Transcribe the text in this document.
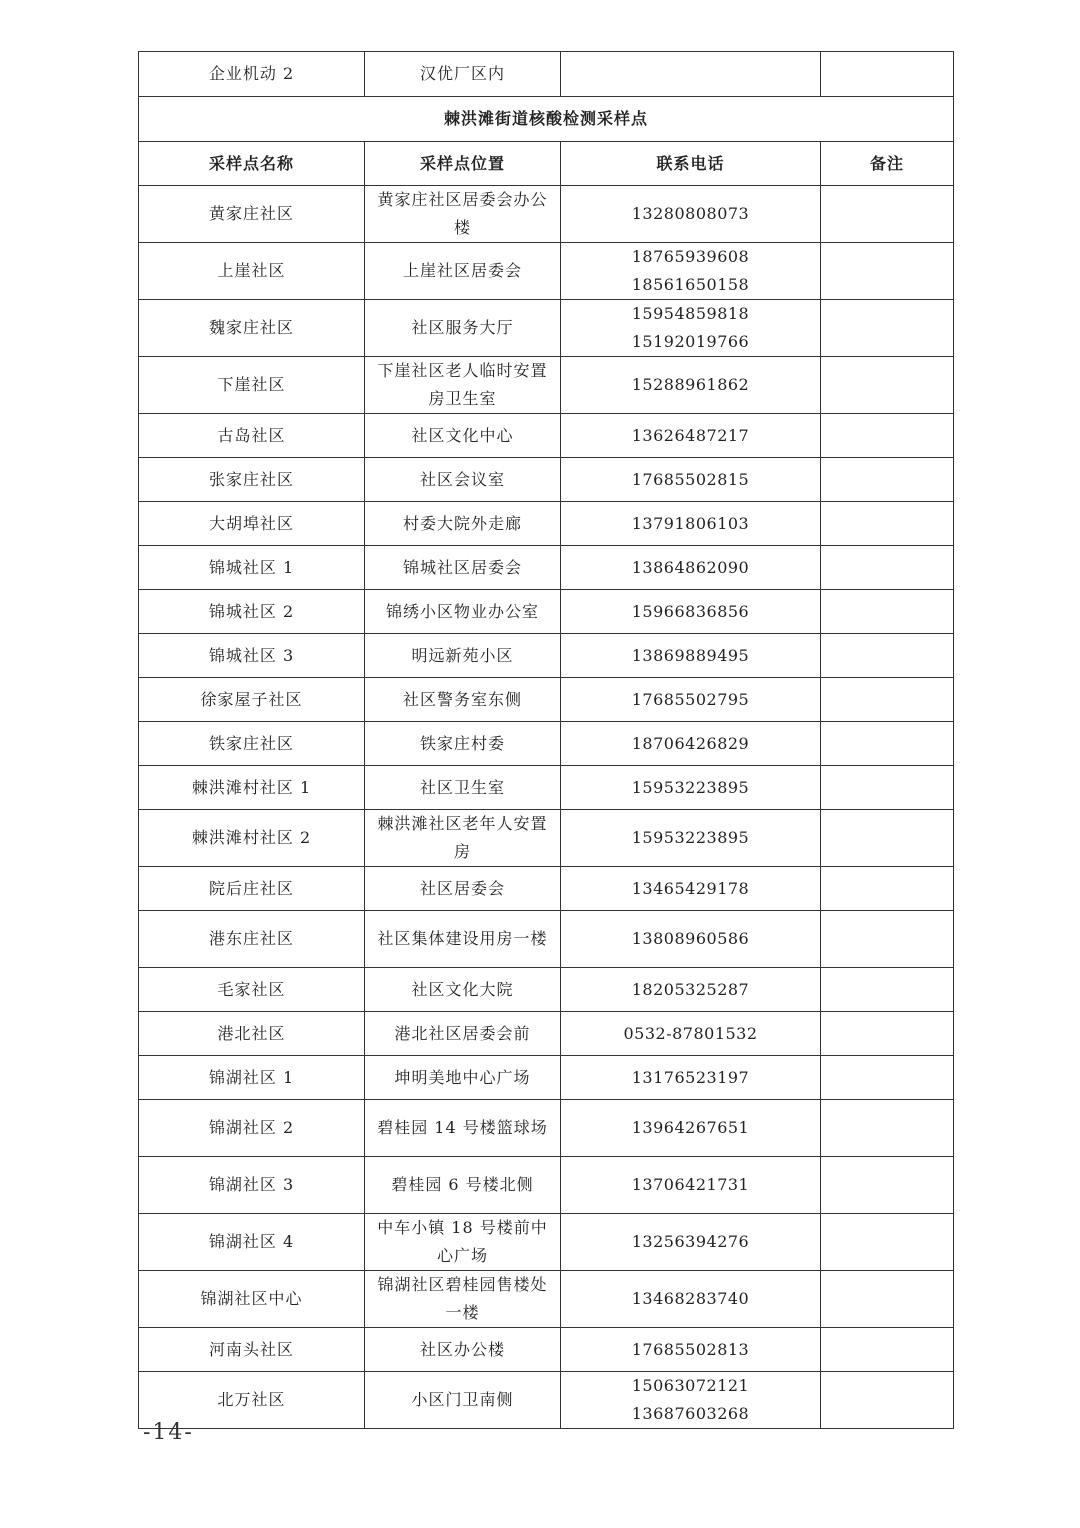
企业机动 2	汉优厂区内		
棘洪滩街道核酸检测采样点			
采样点名称	采样点位置	联系电话	备注
黄家庄社区	黄家庄社区居委会办公楼	13280808073	

上崖社区	上崖社区居委会	18765939608
18561650158	

魏家庄社区	社区服务大厅	15954859818
15192019766	

下崖社区	下崖社区老人临时安置房卫生室	15288961862	

古岛社区	社区文化中心	13626487217	

张家庄社区	社区会议室	17685502815	

大胡埠社区	村委大院外走廊	13791806103	

锦城社区 1	锦城社区居委会	13864862090	

锦城社区 2	锦绣小区物业办公室	15966836856	

锦城社区 3	明远新苑小区	13869889495	

徐家屋子社区	社区警务室东侧	17685502795	

铁家庄社区	铁家庄村委	18706426829	

棘洪滩村社区 1	社区卫生室	15953223895	

棘洪滩村社区 2	棘洪滩社区老年人安置房	15953223895	

院后庄社区	社区居委会	13465429178	

港东庄社区	社区集体建设用房一楼	13808960586	

毛家社区	社区文化大院	18205325287	

港北社区	港北社区居委会前	0532-87801532	

锦湖社区 1	坤明美地中心广场	13176523197	

锦湖社区 2	碧桂园 14 号楼篮球场	13964267651	

锦湖社区 3	碧桂园 6 号楼北侧	13706421731	

锦湖社区 4	中车小镇 18 号楼前中心广场	13256394276	

锦湖社区中心	锦湖社区碧桂园售楼处一楼	13468283740	

河南头社区	社区办公楼	17685502813	

北万社区	小区门卫南侧	15063072121
13687603268	

-14-
